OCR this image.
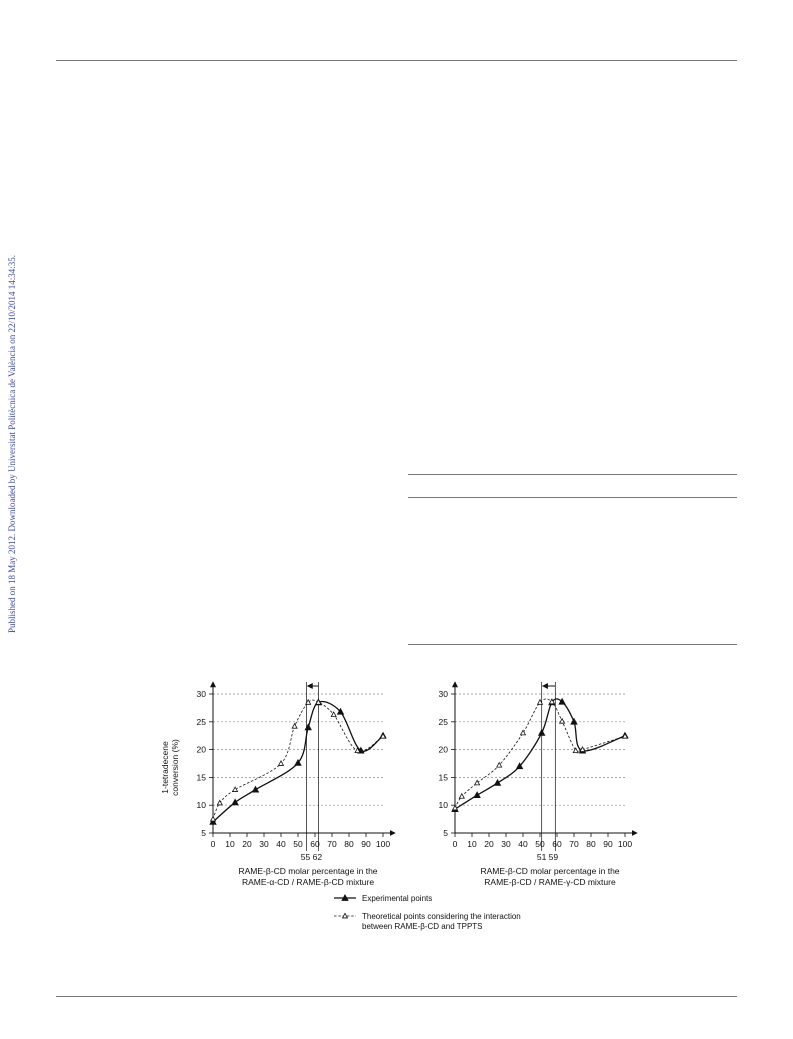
Published on 18 May 2012. Downloaded by Universitat Politècnica de València on 22/10/2014 14:34:35.
5
10
15
20
25
30
0 10 20 30 40 50 60 70 80 90 100
55 62
1-tetradecene conversion (%)
RAME-β-CD molar percentage in the
RAME-α-CD / RAME-β-CD mixture
5
10
15
20
25
30
0 10 20 30 40 50 60 70 80 90 100
51 59
RAME-β-CD molar percentage in the
RAME-β-CD / RAME-γ-CD mixture
Experimental points
Theoretical points considering the interaction
between RAME-β-CD and TPPTS
